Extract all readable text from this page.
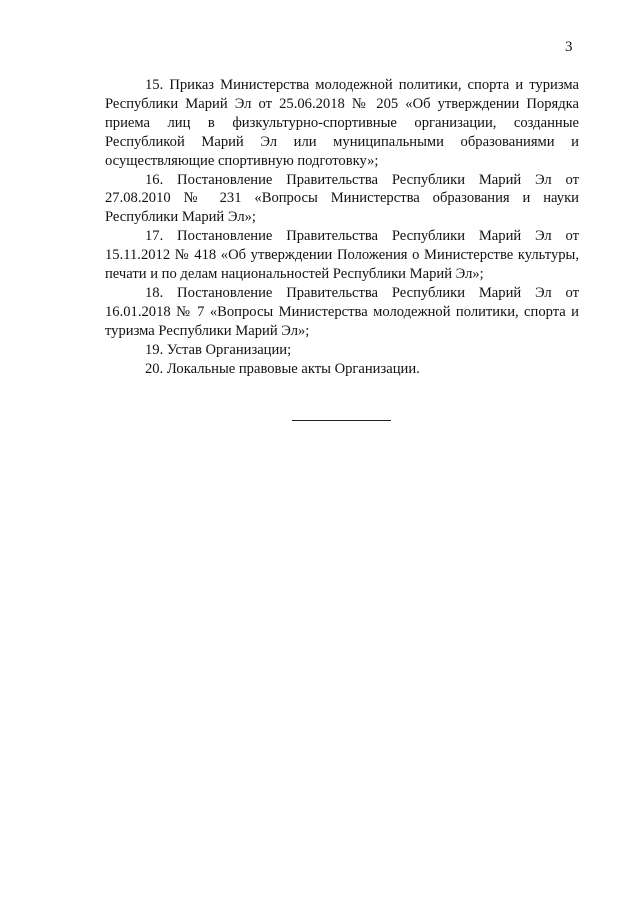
3

15. Приказ Министерства молодежной политики, спорта и туризма Республики Марий Эл от 25.06.2018 № 205 «Об утверждении Порядка приема лиц в физкультурно-спортивные организации, созданные Республикой Марий Эл или муниципальными образованиями и осуществляющие спортивную подготовку»;

16. Постановление Правительства Республики Марий Эл от 27.08.2010 № 231 «Вопросы Министерства образования и науки Республики Марий Эл»;

17. Постановление Правительства Республики Марий Эл от 15.11.2012 № 418 «Об утверждении Положения о Министерстве культуры, печати и по делам национальностей Республики Марий Эл»;

18. Постановление Правительства Республики Марий Эл от 16.01.2018 № 7 «Вопросы Министерства молодежной политики, спорта и туризма Республики Марий Эл»;

19. Устав Организации;

20. Локальные правовые акты Организации.
